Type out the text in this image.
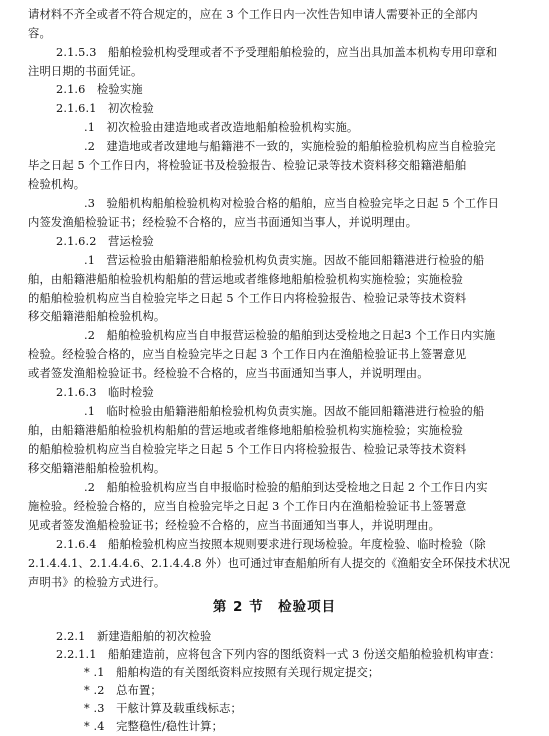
请材料不齐全或者不符合规定的，应在 3 个工作日内一次性告知申请人需要补正的全部内
容。
2.1.5.3　船舶检验机构受理或者不予受理船舶检验的，应当出具加盖本机构专用印章和
注明日期的书面凭证。
2.1.6　检验实施
2.1.6.1　初次检验
.1　初次检验由建造地或者改造地船舶检验机构实施。
.2　建造地或者改建地与船籍港不一致的，实施检验的船舶检验机构应当自检验完
毕之日起 5 个工作日内，将检验证书及检验报告、检验记录等技术资料移交船籍港船舶
检验机构。
.3　验船机构船舶检验机构对检验合格的船舶，应当自检验完毕之日起 5 个工作日
内签发渔船检验证书；经检验不合格的，应当书面通知当事人，并说明理由。
2.1.6.2　营运检验
.1　营运检验由船籍港船舶检验机构负责实施。因故不能回船籍港进行检验的船
舶，由船籍港船舶检验机构船舶的营运地或者维修地船舶检验机构实施检验；实施检验
的船舶检验机构应当自检验完毕之日起 5 个工作日内将检验报告、检验记录等技术资料
移交船籍港船舶检验机构。
.2　船舶检验机构应当自申报营运检验的船舶到达受检地之日起3 个工作日内实施
检验。经检验合格的，应当自检验完毕之日起 3 个工作日内在渔船检验证书上签署意见
或者签发渔船检验证书。经检验不合格的，应当书面通知当事人，并说明理由。
2.1.6.3　临时检验
.1　临时检验由船籍港船舶检验机构负责实施。因故不能回船籍港进行检验的船
舶，由船籍港船舶检验机构船舶的营运地或者维修地船舶检验机构实施检验；实施检验
的船舶检验机构应当自检验完毕之日起 5 个工作日内将检验报告、检验记录等技术资料
移交船籍港船舶检验机构。
.2　船舶检验机构应当自申报临时检验的船舶到达受检地之日起 2 个工作日内实
施检验。经检验合格的，应当自检验完毕之日起 3 个工作日内在渔船检验证书上签署意
见或者签发渔船检验证书；经检验不合格的，应当书面通知当事人，并说明理由。
2.1.6.4　船舶检验机构应当按照本规则要求进行现场检验。年度检验、临时检验（除
2.1.4.4.1、2.1.4.4.6、2.1.4.4.8 外）也可通过审查船舶所有人提交的《渔船安全环保技术状况
声明书》的检验方式进行。
第 2 节　检验项目
2.2.1　新建造船舶的初次检验
2.2.1.1　船舶建造前，应将包含下列内容的图纸资料一式 3 份送交船舶检验机构审查：
* .1　船舶构造的有关图纸资料应按照有关现行规定提交；
* .2　总布置；
* .3　干舷计算及载重线标志；
* .4　完整稳性/稳性计算；
